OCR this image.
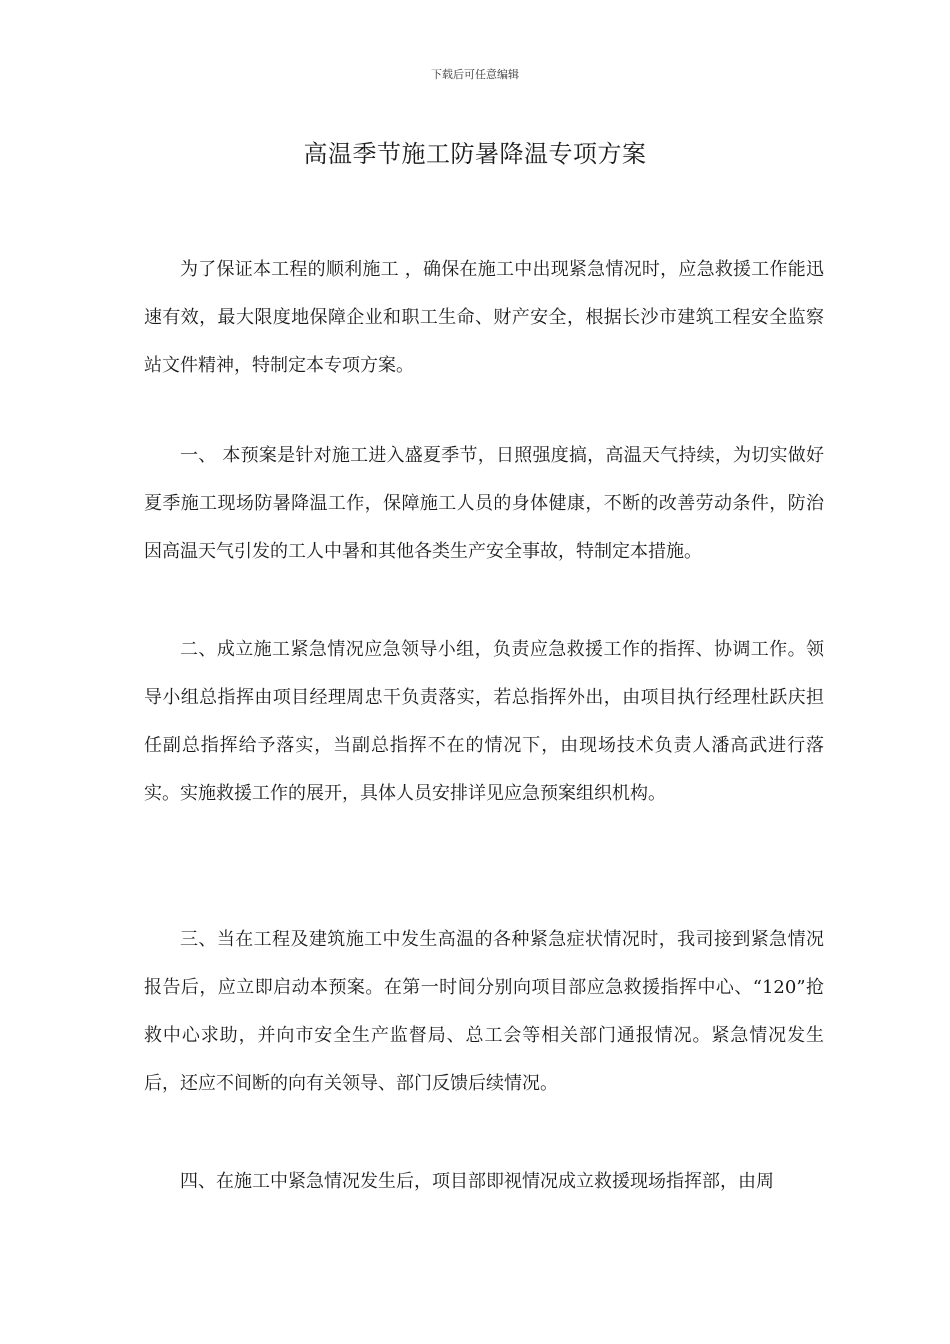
下载后可任意编辑
高温季节施工防暑降温专项方案

为了保证本工程的顺利施工 ，确保在施工中出现紧急情况时，应急救援工作能迅速有效，最大限度地保障企业和职工生命、财产安全，根据长沙市建筑工程安全监察站文件精神，特制定本专项方案。

一、 本预案是针对施工进入盛夏季节，日照强度搞，高温天气持续，为切实做好夏季施工现场防暑降温工作，保障施工人员的身体健康，不断的改善劳动条件，防治因高温天气引发的工人中暑和其他各类生产安全事故，特制定本措施。

二、成立施工紧急情况应急领导小组，负责应急救援工作的指挥、协调工作。领导小组总指挥由项目经理周忠干负责落实，若总指挥外出，由项目执行经理杜跃庆担任副总指挥给予落实，当副总指挥不在的情况下，由现场技术负责人潘高武进行落实。实施救援工作的展开，具体人员安排详见应急预案组织机构。

三、当在工程及建筑施工中发生高温的各种紧急症状情况时，我司接到紧急情况报告后，应立即启动本预案。在第一时间分别向项目部应急救援指挥中心、“120”抢救中心求助，并向市安全生产监督局、总工会等相关部门通报情况。紧急情况发生后，还应不间断的向有关领导、部门反馈后续情况。

四、在施工中紧急情况发生后，项目部即视情况成立救援现场指挥部，由周
